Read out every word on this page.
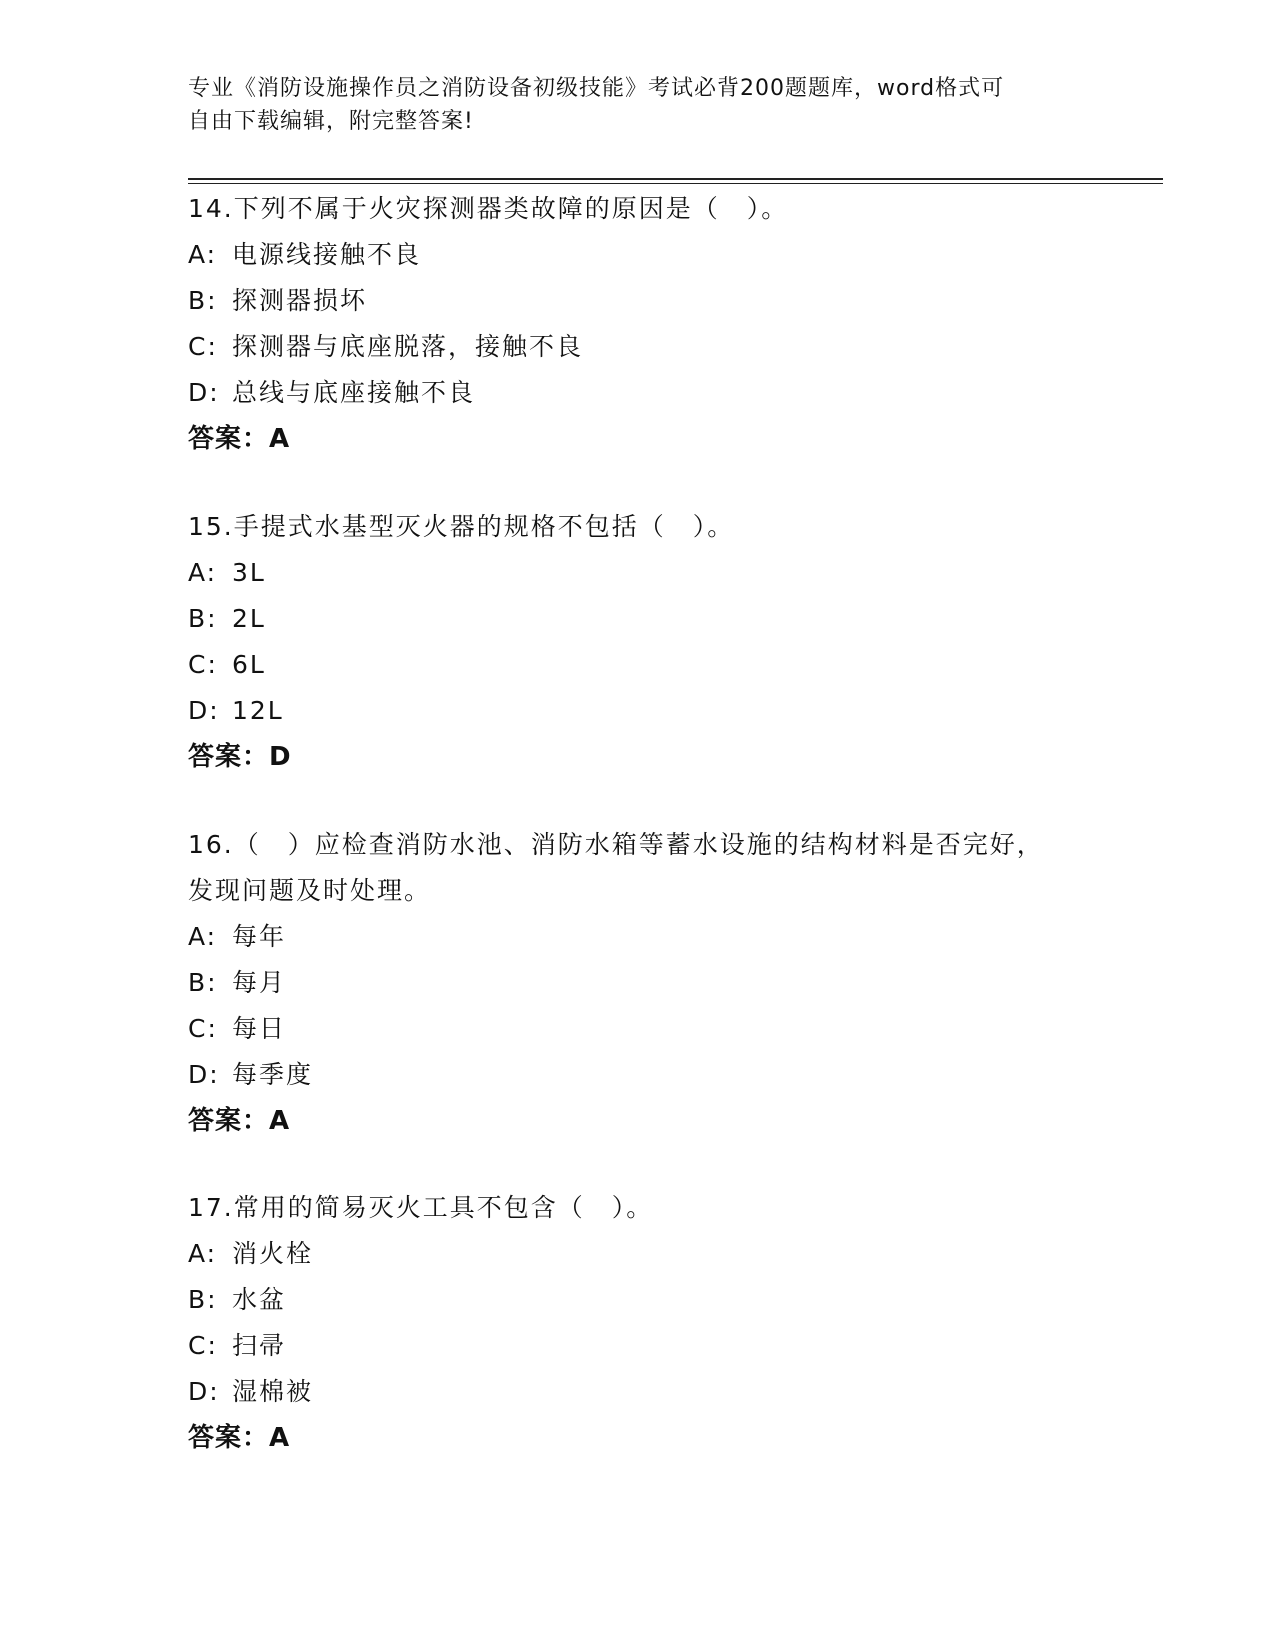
专业《消防设施操作员之消防设备初级技能》考试必背200题题库，word格式可
自由下载编辑，附完整答案!
14.下列不属于火灾探测器类故障的原因是（　）。
A: 电源线接触不良
B: 探测器损坏
C: 探测器与底座脱落，接触不良
D: 总线与底座接触不良
答案：A
15.手提式水基型灭火器的规格不包括（　）。
A: 3L
B: 2L
C: 6L
D: 12L
答案：D
16.（　）应检查消防水池、消防水箱等蓄水设施的结构材料是否完好，发现问题及时处理。
A: 每年
B: 每月
C: 每日
D: 每季度
答案：A
17.常用的简易灭火工具不包含（　）。
A: 消火栓
B: 水盆
C: 扫帚
D: 湿棉被
答案：A
